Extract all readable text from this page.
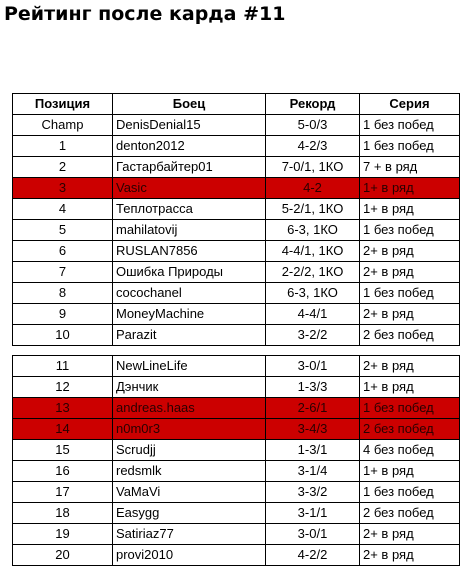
Рейтинг после карда #11
Позиция	Боец	Рекорд	Серия
Champ	DenisDenial15	5-0/3	1 без побед
1	denton2012	4-2/3	1 без побед
2	Гастарбайтер01	7-0/1, 1КО	7 + в ряд
3	Vasic	4-2	1+ в ряд
4	Теплотрасса	5-2/1, 1КО	1+ в ряд
5	mahilatovij	6-3, 1КО	1 без побед
6	RUSLAN7856	4-4/1, 1КО	2+ в ряд
7	Ошибка Природы	2-2/2, 1КО	2+ в ряд
8	cocochanel	6-3, 1КО	1 без побед
9	MoneyMachine	4-4/1	2+ в ряд
10	Parazit	3-2/2	2 без побед
11	NewLineLife	3-0/1	2+ в ряд
12	Дэнчик	1-3/3	1+ в ряд
13	andreas.haas	2-6/1	1 без побед
14	n0m0r3	3-4/3	2 без побед
15	Scrudjj	1-3/1	4 без побед
16	redsmlk	3-1/4	1+ в ряд
17	VaMaVi	3-3/2	1 без побед
18	Easygg	3-1/1	2 без побед
19	Satiriaz77	3-0/1	2+ в ряд
20	provi2010	4-2/2	2+ в ряд
